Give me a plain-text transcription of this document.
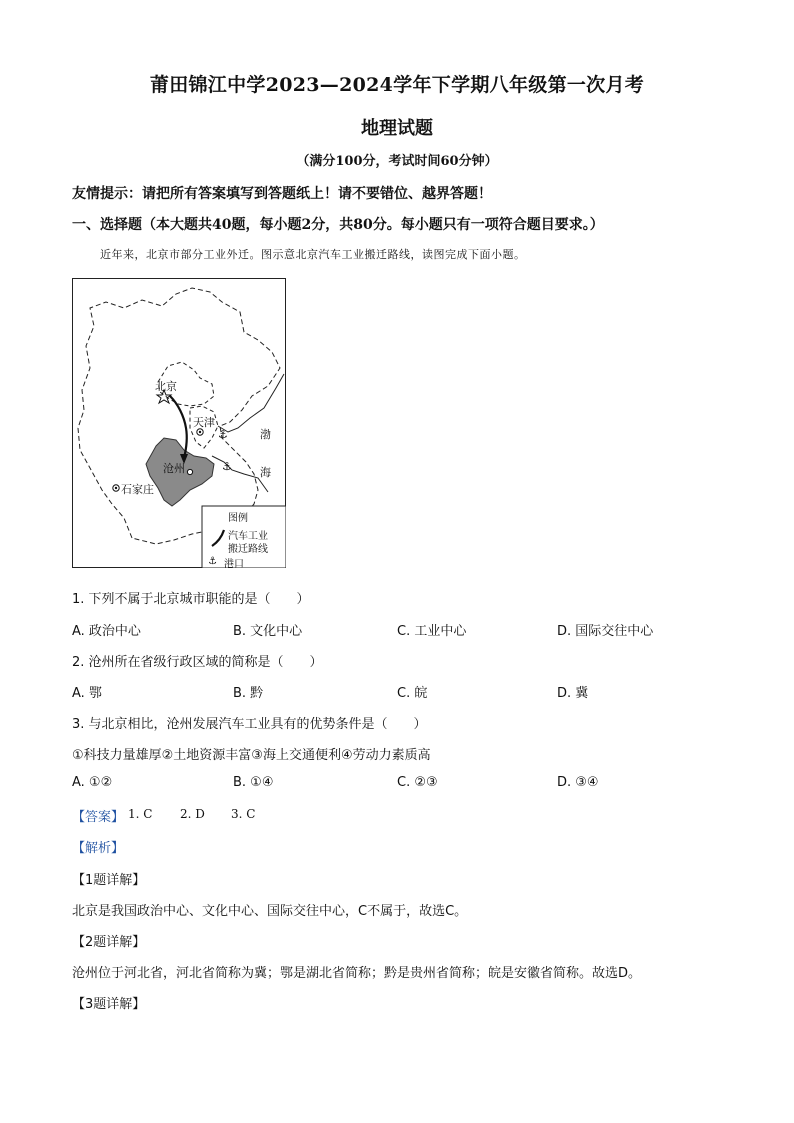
莆田锦江中学2023—2024学年下学期八年级第一次月考
地理试题
（满分100分，考试时间60分钟）
友情提示：请把所有答案填写到答题纸上！请不要错位、越界答题！
一、选择题（本大题共40题，每小题2分，共80分。每小题只有一项符合题目要求。）
近年来，北京市部分工业外迁。图示意北京汽车工业搬迁路线，读图完成下面小题。
⚓
⚓
⚓
北京
天津
沧州
石家庄
渤
海
图例
汽车工业
搬迁路线
港口
1. 下列不属于北京城市职能的是（　　）
A. 政治中心	B. 文化中心	C. 工业中心	D. 国际交往中心
2. 沧州所在省级行政区域的简称是（　　）
A. 鄂	B. 黔	C. 皖	D. 冀
3. 与北京相比，沧州发展汽车工业具有的优势条件是（　　）
①科技力量雄厚②土地资源丰富③海上交通便利④劳动力素质高
A. ①②	B. ①④	C. ②③	D. ③④
【答案】 1. C 2. D 3. C
【解析】
【1题详解】
北京是我国政治中心、文化中心、国际交往中心，C不属于，故选C。
【2题详解】
沧州位于河北省，河北省简称为冀；鄂是湖北省简称；黔是贵州省简称；皖是安徽省简称。故选D。
【3题详解】
